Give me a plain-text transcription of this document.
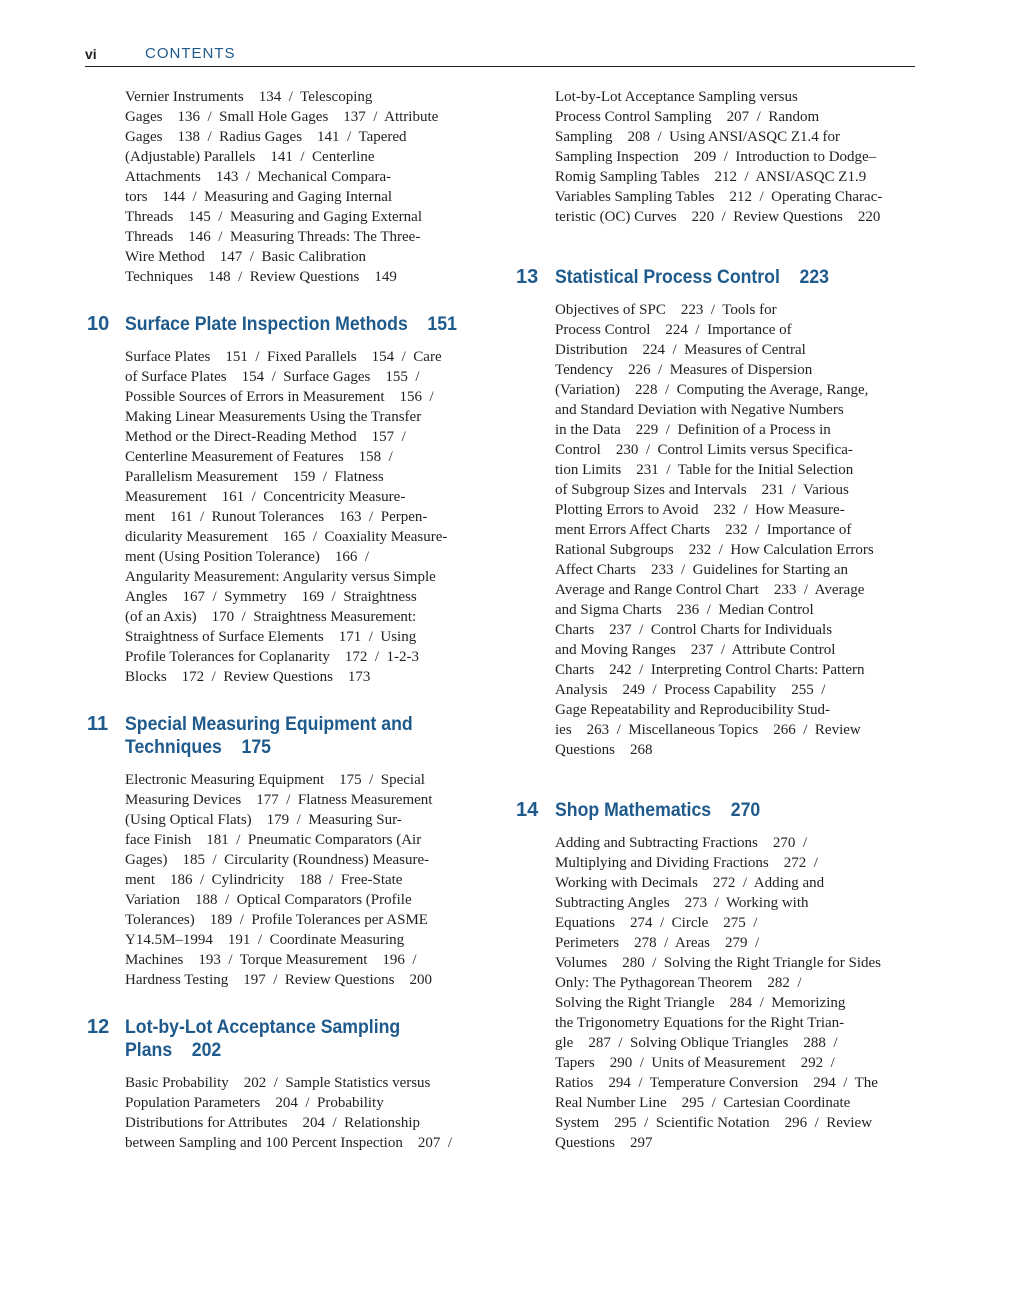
vi	CONTENTS
Vernier Instruments    134  /  Telescoping
Gages    136  /  Small Hole Gages    137  /  Attribute
Gages    138  /  Radius Gages    141  /  Tapered
(Adjustable) Parallels    141  /  Centerline
Attachments    143  /  Mechanical Compara-
tors    144  /  Measuring and Gaging Internal
Threads    145  /  Measuring and Gaging External
Threads    146  /  Measuring Threads: The Three-
Wire Method    147  /  Basic Calibration
Techniques    148  /  Review Questions    149
10 Surface Plate Inspection Methods    151
Surface Plates    151  /  Fixed Parallels    154  /  Care
of Surface Plates    154  /  Surface Gages    155  /
Possible Sources of Errors in Measurement    156  /
Making Linear Measurements Using the Transfer
Method or the Direct-Reading Method    157  /
Centerline Measurement of Features    158  /
Parallelism Measurement    159  /  Flatness
Measurement    161  /  Concentricity Measure-
ment    161  /  Runout Tolerances    163  /  Perpen-
dicularity Measurement    165  /  Coaxiality Measure-
ment (Using Position Tolerance)    166  /
Angularity Measurement: Angularity versus Simple
Angles    167  /  Symmetry    169  /  Straightness
(of an Axis)    170  /  Straightness Measurement:
Straightness of Surface Elements    171  /  Using
Profile Tolerances for Coplanarity    172  /  1-2-3
Blocks    172  /  Review Questions    173
11 Special Measuring Equipment and
Techniques    175
Electronic Measuring Equipment    175  /  Special
Measuring Devices    177  /  Flatness Measurement
(Using Optical Flats)    179  /  Measuring Sur-
face Finish    181  /  Pneumatic Comparators (Air
Gages)    185  /  Circularity (Roundness) Measure-
ment    186  /  Cylindricity    188  /  Free-State
Variation    188  /  Optical Comparators (Profile
Tolerances)    189  /  Profile Tolerances per ASME
Y14.5M–1994    191  /  Coordinate Measuring
Machines    193  /  Torque Measurement    196  /
Hardness Testing    197  /  Review Questions    200
12 Lot-by-Lot Acceptance Sampling
Plans    202
Basic Probability    202  /  Sample Statistics versus
Population Parameters    204  /  Probability
Distributions for Attributes    204  /  Relationship
between Sampling and 100 Percent Inspection    207  /
Lot-by-Lot Acceptance Sampling versus
Process Control Sampling    207  /  Random
Sampling    208  /  Using ANSI/ASQC Z1.4 for
Sampling Inspection    209  /  Introduction to Dodge–
Romig Sampling Tables    212  /  ANSI/ASQC Z1.9
Variables Sampling Tables    212  /  Operating Charac-
teristic (OC) Curves    220  /  Review Questions    220
13 Statistical Process Control    223
Objectives of SPC    223  /  Tools for
Process Control    224  /  Importance of
Distribution    224  /  Measures of Central
Tendency    226  /  Measures of Dispersion
(Variation)    228  /  Computing the Average, Range,
and Standard Deviation with Negative Numbers
in the Data    229  /  Definition of a Process in
Control    230  /  Control Limits versus Specifica-
tion Limits    231  /  Table for the Initial Selection
of Subgroup Sizes and Intervals    231  /  Various
Plotting Errors to Avoid    232  /  How Measure-
ment Errors Affect Charts    232  /  Importance of
Rational Subgroups    232  /  How Calculation Errors
Affect Charts    233  /  Guidelines for Starting an
Average and Range Control Chart    233  /  Average
and Sigma Charts    236  /  Median Control
Charts    237  /  Control Charts for Individuals
and Moving Ranges    237  /  Attribute Control
Charts    242  /  Interpreting Control Charts: Pattern
Analysis    249  /  Process Capability    255  /
Gage Repeatability and Reproducibility Stud-
ies    263  /  Miscellaneous Topics    266  /  Review
Questions    268
14 Shop Mathematics    270
Adding and Subtracting Fractions    270  /
Multiplying and Dividing Fractions    272  /
Working with Decimals    272  /  Adding and
Subtracting Angles    273  /  Working with
Equations    274  /  Circle    275  /
Perimeters    278  /  Areas    279  /
Volumes    280  /  Solving the Right Triangle for Sides
Only: The Pythagorean Theorem    282  /
Solving the Right Triangle    284  /  Memorizing
the Trigonometry Equations for the Right Trian-
gle    287  /  Solving Oblique Triangles    288  /
Tapers    290  /  Units of Measurement    292  /
Ratios    294  /  Temperature Conversion    294  /  The
Real Number Line    295  /  Cartesian Coordinate
System    295  /  Scientific Notation    296  /  Review
Questions    297
